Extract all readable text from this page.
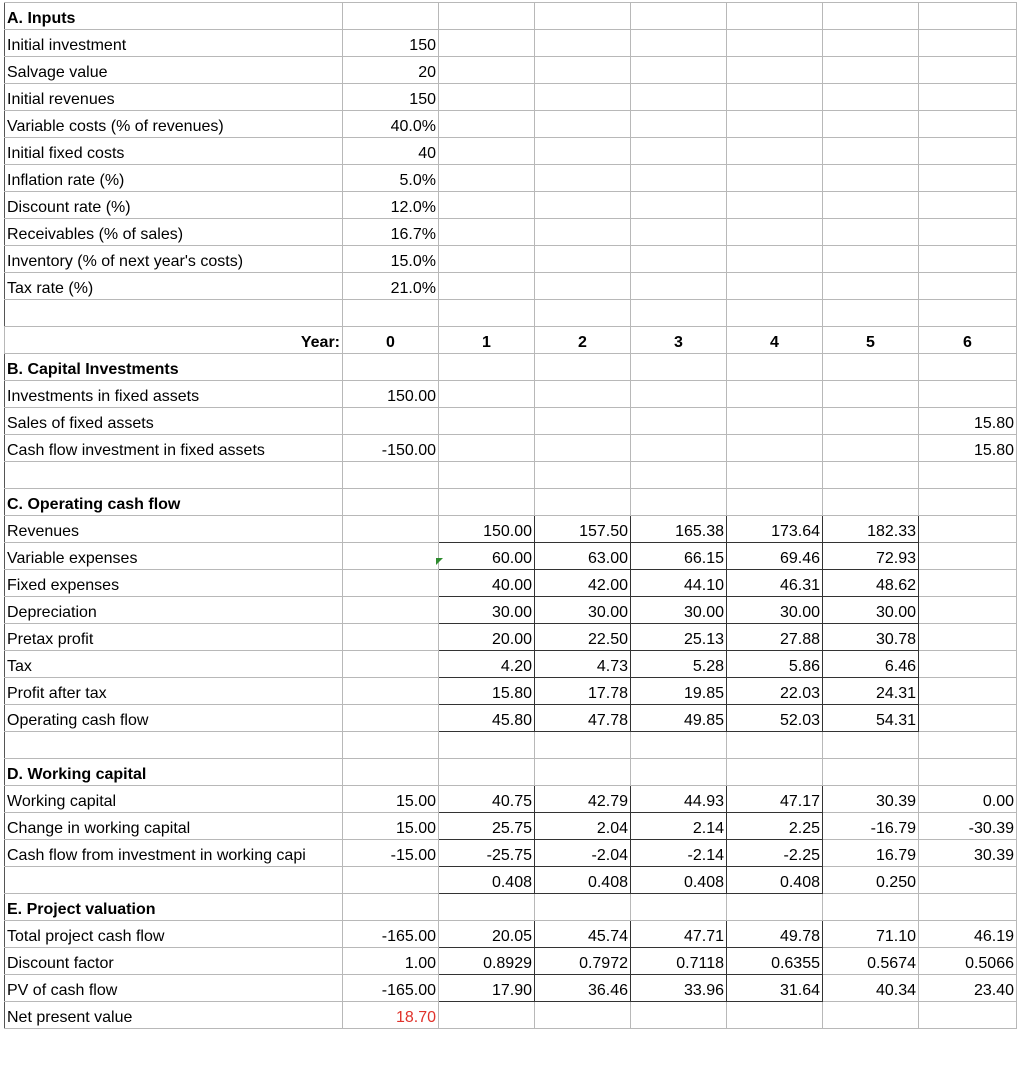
A. Inputs							
Initial investment	150						
Salvage value	20						
Initial revenues	150						
Variable costs (% of revenues)	40.0%						
Initial fixed costs	40						
Inflation rate (%)	5.0%						
Discount rate (%)	12.0%						
Receivables (% of sales)	16.7%						
Inventory (% of next year's costs)	15.0%						
Tax rate (%)	21.0%						

Year:	0	1	2	3	4	5	6
B. Capital Investments							
Investments in fixed assets	150.00						
Sales of fixed assets							15.80
Cash flow investment in fixed assets	-150.00						15.80

C. Operating cash flow							
Revenues		150.00	157.50	165.38	173.64	182.33	
Variable expenses		60.00	63.00	66.15	69.46	72.93	
Fixed expenses		40.00	42.00	44.10	46.31	48.62	
Depreciation		30.00	30.00	30.00	30.00	30.00	
Pretax profit		20.00	22.50	25.13	27.88	30.78	
Tax		4.20	4.73	5.28	5.86	6.46	
Profit after tax		15.80	17.78	19.85	22.03	24.31	
Operating cash flow		45.80	47.78	49.85	52.03	54.31	

D. Working capital							
Working capital	15.00	40.75	42.79	44.93	47.17	30.39	0.00
Change in working capital	15.00	25.75	2.04	2.14	2.25	-16.79	-30.39
Cash flow from investment in working capi	-15.00	-25.75	-2.04	-2.14	-2.25	16.79	30.39
		0.408	0.408	0.408	0.408	0.250	
E. Project valuation							
Total project cash flow	-165.00	20.05	45.74	47.71	49.78	71.10	46.19
Discount factor	1.00	0.8929	0.7972	0.7118	0.6355	0.5674	0.5066
PV of cash flow	-165.00	17.90	36.46	33.96	31.64	40.34	23.40
Net present value	18.70						
